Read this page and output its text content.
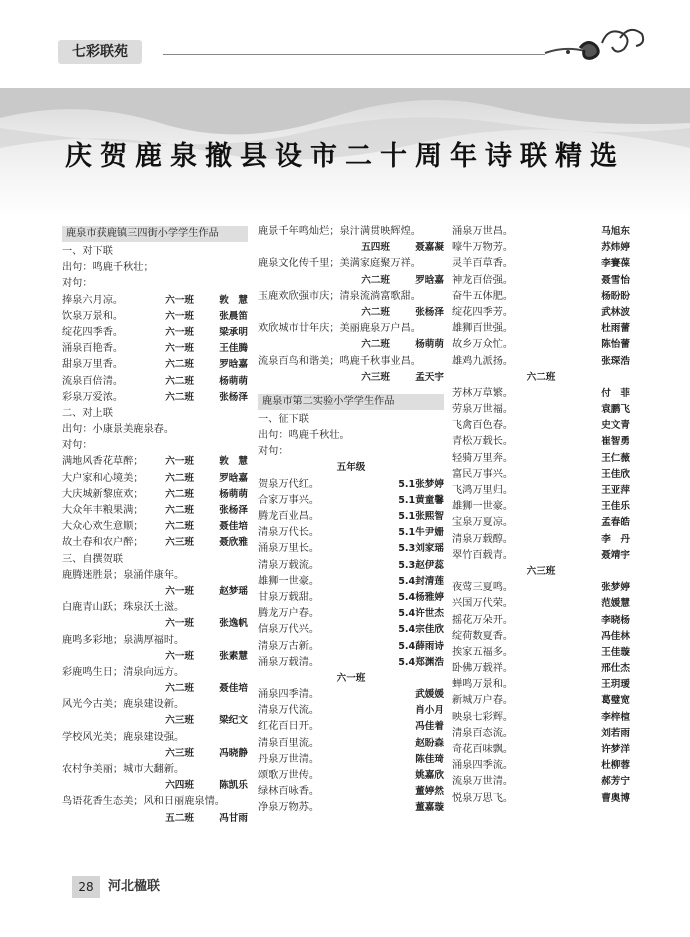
七彩联苑
庆贺鹿泉撤县设市二十周年诗联精选
鹿泉市获鹿镇三四街小学学生作品
一、对下联
出句：鸣鹿千秋壮；
对句：
捧泉六月凉。	六一班	敦　慧
饮泉万景和。	六一班	张晨笛
绽花四季香。	六一班	梁承明
涌泉百艳香。	六一班	王佳腾
甜泉万里香。	六二班	罗晗嘉
流泉百倍清。	六二班	杨萌萌
彩泉万爱浓。	六二班	张杨泽
二、对上联
出句：小康景美鹿泉春。
对句：
满地风香花草醉； 六一班	敦　慧
大户家和心境美； 六二班	罗晗嘉
大庆城新黎庶欢； 六二班	杨萌萌
大众年丰粮果满； 六二班	张杨泽
大众心欢生意顺； 六二班	聂佳培
故土春和农户醉； 六三班	聂欣雅
三、自撰贺联
鹿腾迷胜景；泉涌伴康年。
六一班	赵梦瑶
白鹿青山跃；珠泉沃土滋。
六一班	张逸帆
鹿鸣多彩地；泉满厚福时。
六一班	张素慧
彩鹿鸣生日；清泉向远方。
六二班	聂佳培
风光今古美；鹿泉建设新。
六三班	梁纪文
学校风光美；鹿泉建设强。
六三班	冯晓静
农村争美丽；城市大翻新。
六四班	陈凯乐
鸟语花香生态美；风和日丽鹿泉情。
五二班	冯甘雨
鹿景千年鸣灿烂；泉汁满贯映辉煌。
五四班	聂嘉凝
鹿泉文化传千里；美满家庭聚万祥。
六二班	罗晗嘉
玉鹿欢欣强市庆；清泉流淌富歌甜。
六二班	张杨泽
欢欣城市廿年庆；美丽鹿泉万户昌。
六二班	杨萌萌
流泉百鸟和谐美；鸣鹿千秋事业昌。
六三班	孟天宇
鹿泉市第二实验小学学生作品
一、征下联
出句：鸣鹿千秋壮。
对句：
五年级
贺泉万代红。	5.1张梦婷
合家万事兴。	5.1黄童馨
腾龙百业昌。	5.1张熙智
清泉万代长。	5.1牛尹姗
涌泉万里长。	5.3刘家瑶
清泉万载流。	5.3赵伊蕊
雄狮一世豪。	5.4封清莲
甘泉万载甜。	5.4杨雅婷
腾龙万户春。	5.4许世杰
信泉万代兴。	5.4宗佳欣
清泉万古新。	5.4薛雨诗
涌泉万载清。	5.4郑渊浩
六一班
涌泉四季清。	武媛媛
清泉万代流。	肖小月
红花百日开。	冯佳着
清泉百里流。	赵盼森
丹泉万世清。	陈佳琦
颂歌万世传。	姚嘉欣
绿林百咏香。	董婷然
净泉万物苏。	董嘉璇
涌泉万世昌。	马旭东
嚎牛万物芳。	苏炜婷
灵羊百草香。	李賽葆
神龙百倍强。	聂雪怡
奋牛五体肥。	杨盼盼
绽花四季芳。	武林波
雄狮百世强。	杜雨蕾
故乡万众忙。	陈怡蕾
雄鸡九派扬。	张琛浩
六二班
芳林万草繁。	付　菲
劳泉万世福。	袁鹏飞
飞禽百色春。	史文青
青松万载长。	崔智勇
轻骑万里奔。	王仁薇
富民万事兴。	王佳欣
飞鸿万里归。	王亚萍
雄狮一世豪。	王佳乐
宝泉万夏凉。	孟春皓
清泉万载醇。	李　丹
翠竹百载青。	聂靖宇
六三班
夜莺三夏鸣。	张梦婷
兴国万代荣。	范媛慧
摇花万朵开。	李晓杨
绽荷数夏香。	冯佳林
挨家五福多。	王佳璇
卧佛万载祥。	邢仕杰
蝉鸣万景和。	王玥瑷
新城万户春。	葛璧宽
映泉七彩辉。	李梓楦
清泉百态流。	刘若雨
奇花百味飘。	许梦洋
涌泉四季流。	杜柳蓉
流泉万世清。	郝芳宁
悦泉万思飞。	曹奥博
28	河北楹联
